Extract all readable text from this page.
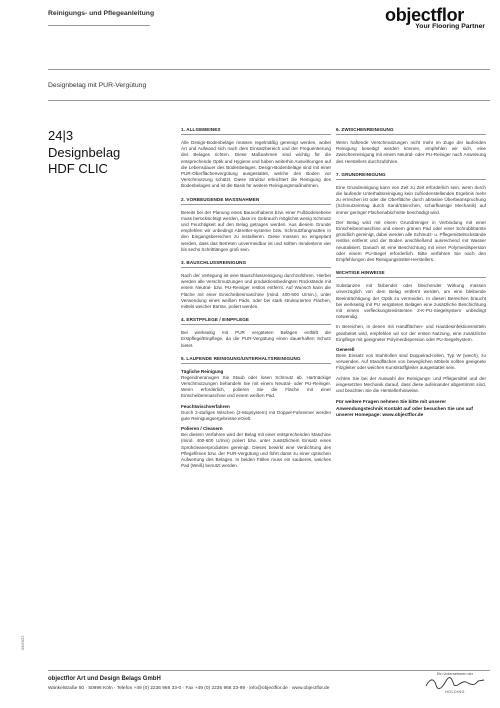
Reinigungs- und Pflegeanleitung	objectflor
Your Flooring Partner
Designbelag mit PUR-Vergütung
24|3
Designbelag
HDF CLIC
1. ALLGEMEINES

Alle Design-Bodenbeläge müssen regelmäßig gereinigt werden, wobei Art und Aufwand sich nach dem Einsatzbereich und der Frequentierung des Belages richten. Diese Maßnahmen sind wichtig für die entsprechende Optik und Hygiene und haben weiterhin Auswirkungen auf die Lebensdauer des Bodenbelages. Design-Bodenbeläge sind mit einer PUR-Oberflächenvergütung ausgestattet, welche den Boden vor Verschmutzung schützt. Diese Struktur erleichtert die Reinigung des Bodenbelages und ist die Basis für weitere Reinigungsmaßnahmen.

2. VORBEUGENDE MASSNAHMEN

Bereits bei der Planung eines Bauvorhabens bzw. einer Fußbodenebene muss berücksichtigt werden, dass im Gebrauch möglichst wenig Schmutz und Feuchtigkeit auf den Belag getragen werden. Aus diesem Grunde empfehlen wir unbedingt Abtretter-systeme bzw. Schmutzfangmatten in den Eingangsbereichen zu installieren. Diese müssen so eingeplant werden, dass das Betreten unvermeidbar ist und sollten mindestens vier bis sechs Schrittlängen groß sein.

3. BAUSCHLUSSREINIGUNG

Nach der Verlegung ist eine Bauschlussreinigung durchzuführen. Hierbei werden alle Verschmutzungen und produktionsbedingten Rückstände mit einem Neutral- bzw. PU-Reiniger restlos entfernt. Auf Wunsch kann die Fläche mit einer Einscheibenmaschine (mind. 400-600 U/min.), unter Verwendung eines weißen Pads, oder bei stark strukturierten Flächen, mittels weicher Bürste, poliert werden.

4. ERSTPFLEGE / EINPFLEGE

Bei werkseitig mit PUR vergüteten Belägen entfällt die Erstpflege/Einpflege, da die PUR-Vergütung einen dauerhaften Schutz bietet.

5. LAUFENDE REINIGUNG/UNTERHALTSREINIGUNG
Tägliche Reinigung

Regendneranugen Sie Staub oder losen Schmutz ab. Hartnäckige Verschmutzungen behandeln Sie mit einem Neutral- oder PU-Reiniger. Wenn erforderlich, polieren Sie die Fläche mit einer Einscheibenmaschine und einem weißen Pad.

Feuchtwischverfahren

Durch 2-stufiges Wischen (2-Mopsystem) mit Doppel-Fahreimer werden gute Reinigungsergebnisse erzielt.

Polieren / Cleanern

Bei diesem Verfahren wird der Belag mit einer entsprechenden Maschine (mind. 400-600 U/min) poliert bzw. unter zusätzlichem Einsatz eines Sprühcleanerproduktes gereinigt. Dieses bewirkt eine Verdichtung des Pflegefilmes bzw. der PUR-Vergütung und führt damit zu einer optischen Aufwertung des Belages. In beiden Fällen muss ein sauberes, weiches Pad (Weiß) benutzt werden.

6. ZWISCHENREINIGUNG

Wenn haftende Verschmutzungen nicht mehr im Zuge der laufenden Reinigung beseitigt werden können, empfehlen wir sich, eine Zwischenreinigung mit einem Neutral- oder PU-Reiniger nach Anweisung des Herstellers durchzuführen.

7. GRUNDREINIGUNG

Eine Grundreinigung kann von Zeit zu Zeit erforderlich sein, wenn durch die laufende Unterhaltsreinigung kein zufriedenstellendes Ergebnis mehr zu erreichen ist oder die Oberfläche durch abrasive Überbeanspruchung (Schmutzeintrag durch Sand/Steinchen, scharfkantige Mechanik) auf immer geringer Flächenabschnitte beschädigt wird.

Der Belag wird mit einem Grundreiniger in Verbindung mit einer Einscheibenmaschine und einem grünen Pad oder einer Schrubbbürste gründlich gereinigt, dabei werden alle Schmutz- u. Pflegemittelrückstände restlos entfernt und der Boden anschließend ausreichend mit Wasser neutralisiert. Danach ist eine Beschichtung mit einer Polymerdispersion oder einem PU-Siegel erforderlich. Bitte verfahren Sie nach den Empfehlungen des Reinigungsmittel-Herstellers.

WICHTIGE HINWEISE

Substanzen mit färbender oder bleichender Wirkung müssen unverzüglich von dem Belag entfernt werden, um eine bleibende Beeinträchtigung der Optik zu vermeiden. In diesen Bereichen braucht bei werkseitig mit PU vergüteten Belägen eine zusätzliche Beschichtung mit einem verfleckungsresistenten 2-K-PU-Siegelsystem unbedingt notwendig.

In Bereichen, in denen mit Handflächen- und Hautdesinfektionsmitteln gearbeitet wird, empfehlen wir vor der ersten Nutzung, eine zusätzliche Einpflege mit geeigneter Polymerdispersion oder PU-Siegelsystem.

Generell

Beim Einsatz von Stuhlrollen sind Doppelrad-rollen, Typ W (weich), zu verwenden. Auf Standflächen von beweglichen Möbeln sollten geeignete Filzgleiter oder weichen Kunststoffgleiter ausgestattet sein.

Achten Sie bei der Auswahl der Reinigungs- und Pflegemittel und der eingesetzten Mechanik darauf, dass diese aufeinander abgestimmt sind, und beachten Sie die Herstellerhinweise.

Für weitere Fragen nehmen Sie bitte mit unserer Anwendungstechnik Kontakt auf oder besuchen Sie uns auf unserer Homepage: www.objectflor.de
05/2022
objectflor Art und Design Belags GmbH
Wankelstraße 50 · 50996 Köln · Telefon +49 (0) 2236 966 33-0 · Fax +49 (0) 2236 966 33-99 · info@objectflor.de · www.objectflor.de
Ein Unternehmen der
HOLDING
